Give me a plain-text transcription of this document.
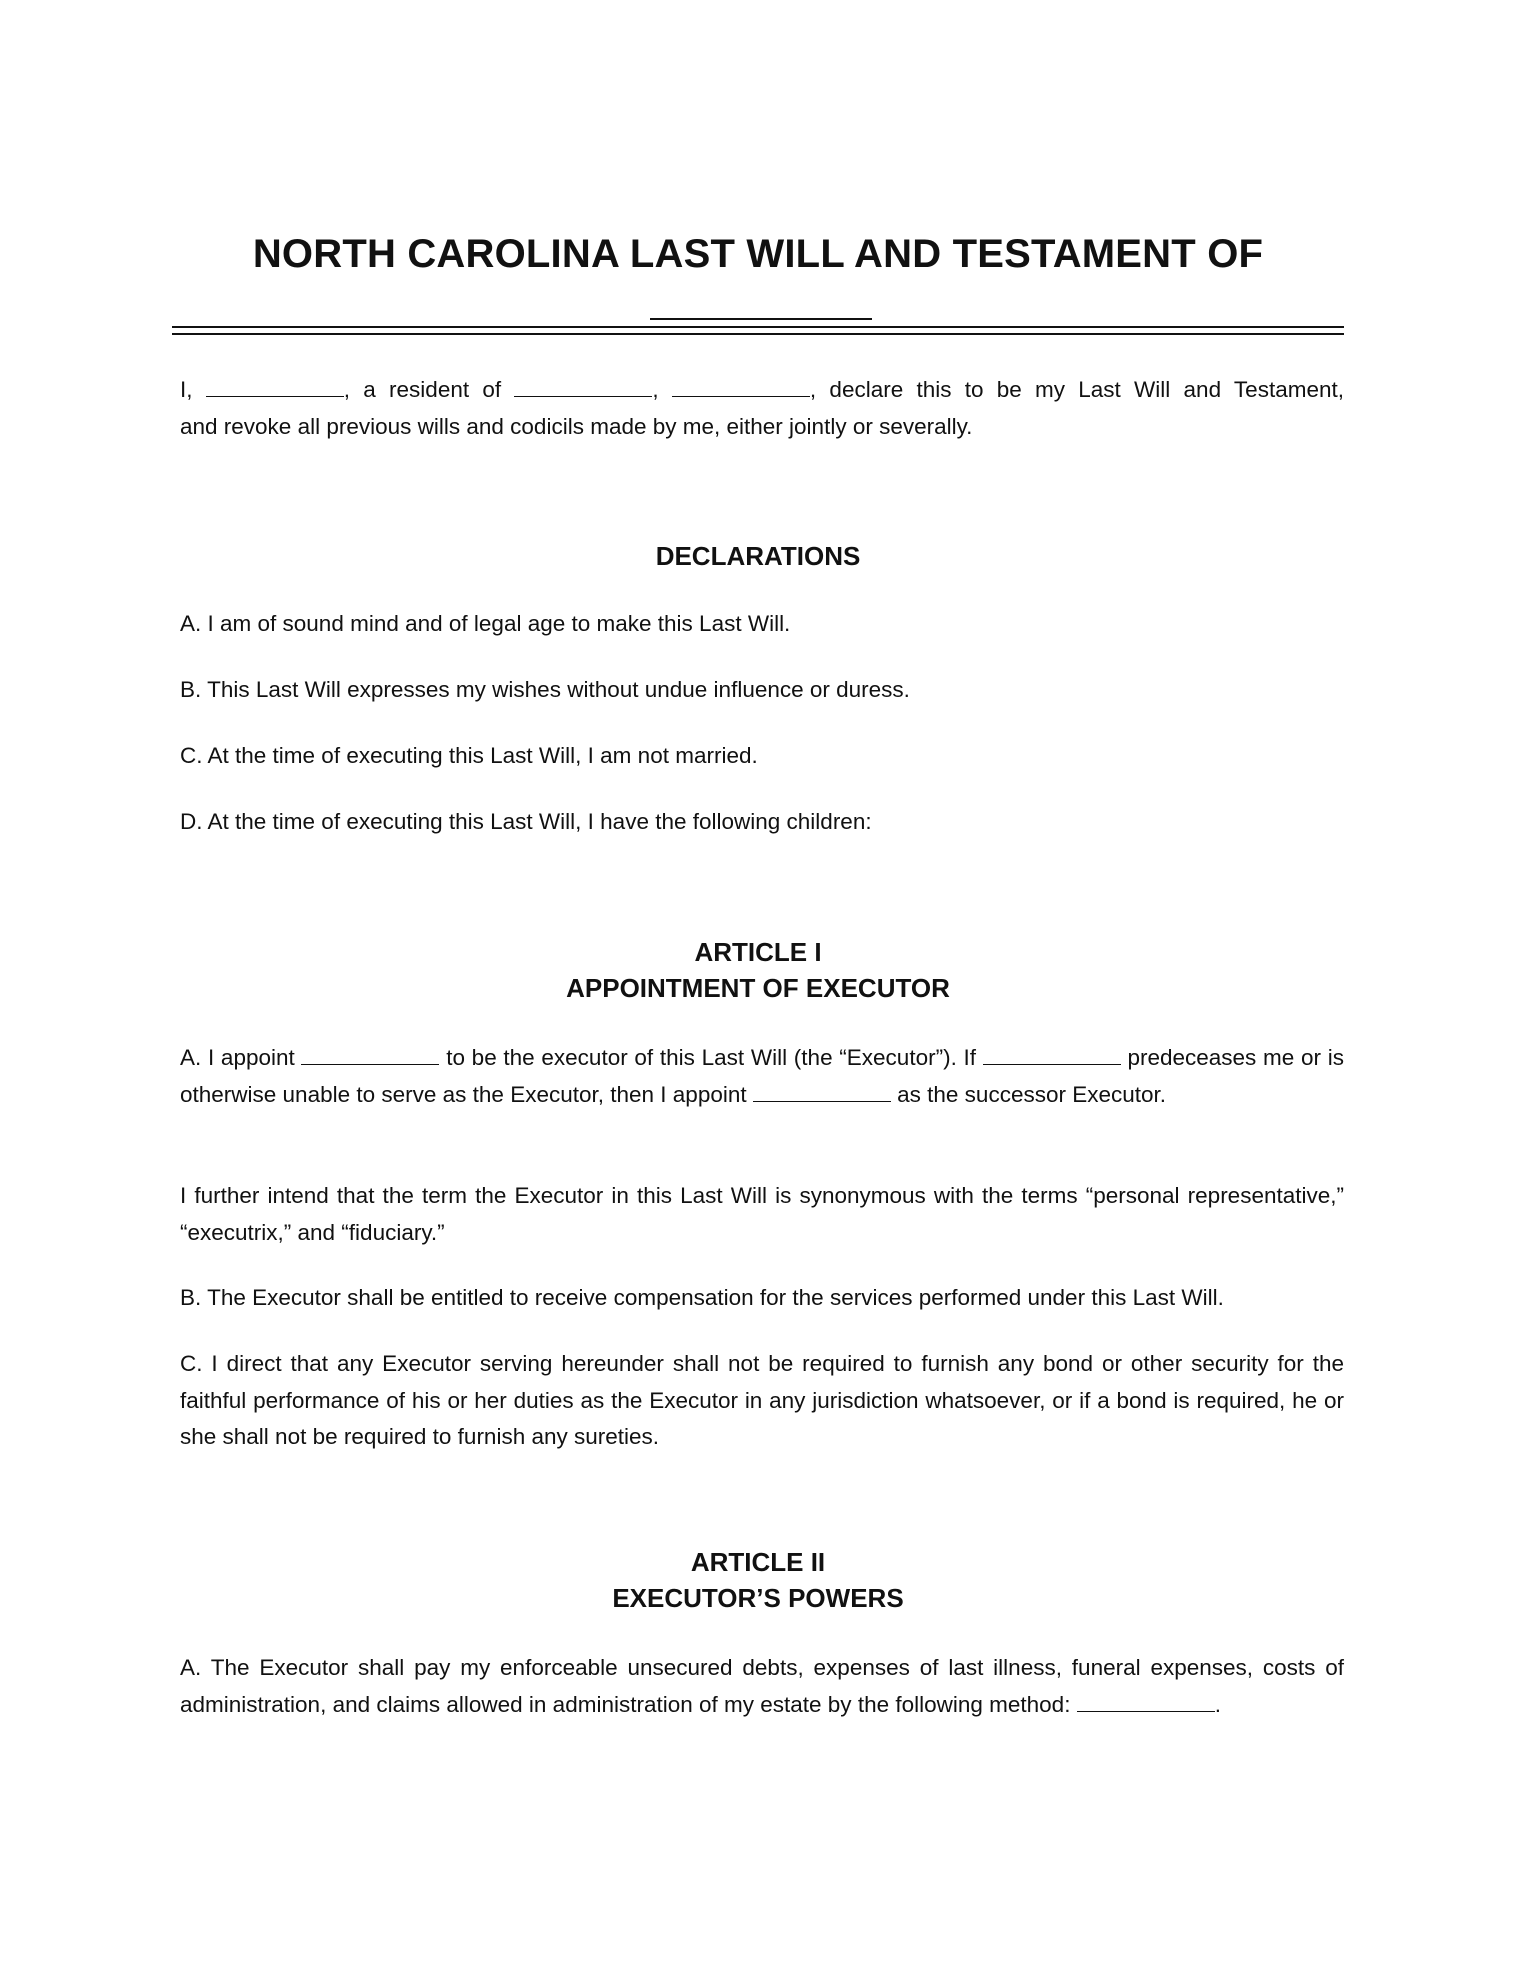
NORTH CAROLINA LAST WILL AND TESTAMENT OF
I,	, a resident of	,	, declare this to be my Last Will and Testament,
and revoke all previous wills and codicils made by me, either jointly or severally.
DECLARATIONS
A. I am of sound mind and of legal age to make this Last Will.
B. This Last Will expresses my wishes without undue influence or duress.
C. At the time of executing this Last Will, I am not married.
D. At the time of executing this Last Will, I have the following children:
ARTICLE I
APPOINTMENT OF EXECUTOR
A. I appoint	to be the executor of this Last Will (the “Executor”). If	predeceases me or is otherwise unable to serve as the Executor, then I appoint	as the successor Executor.
I further intend that the term the Executor in this Last Will is synonymous with the terms “personal representative,” “executrix,” and “fiduciary.”
B. The Executor shall be entitled to receive compensation for the services performed under this Last Will.
C. I direct that any Executor serving hereunder shall not be required to furnish any bond or other security for the faithful performance of his or her duties as the Executor in any jurisdiction whatsoever, or if a bond is required, he or she shall not be required to furnish any sureties.
ARTICLE II
EXECUTOR’S POWERS
A. The Executor shall pay my enforceable unsecured debts, expenses of last illness, funeral expenses, costs of administration, and claims allowed in administration of my estate by the following method:	.
